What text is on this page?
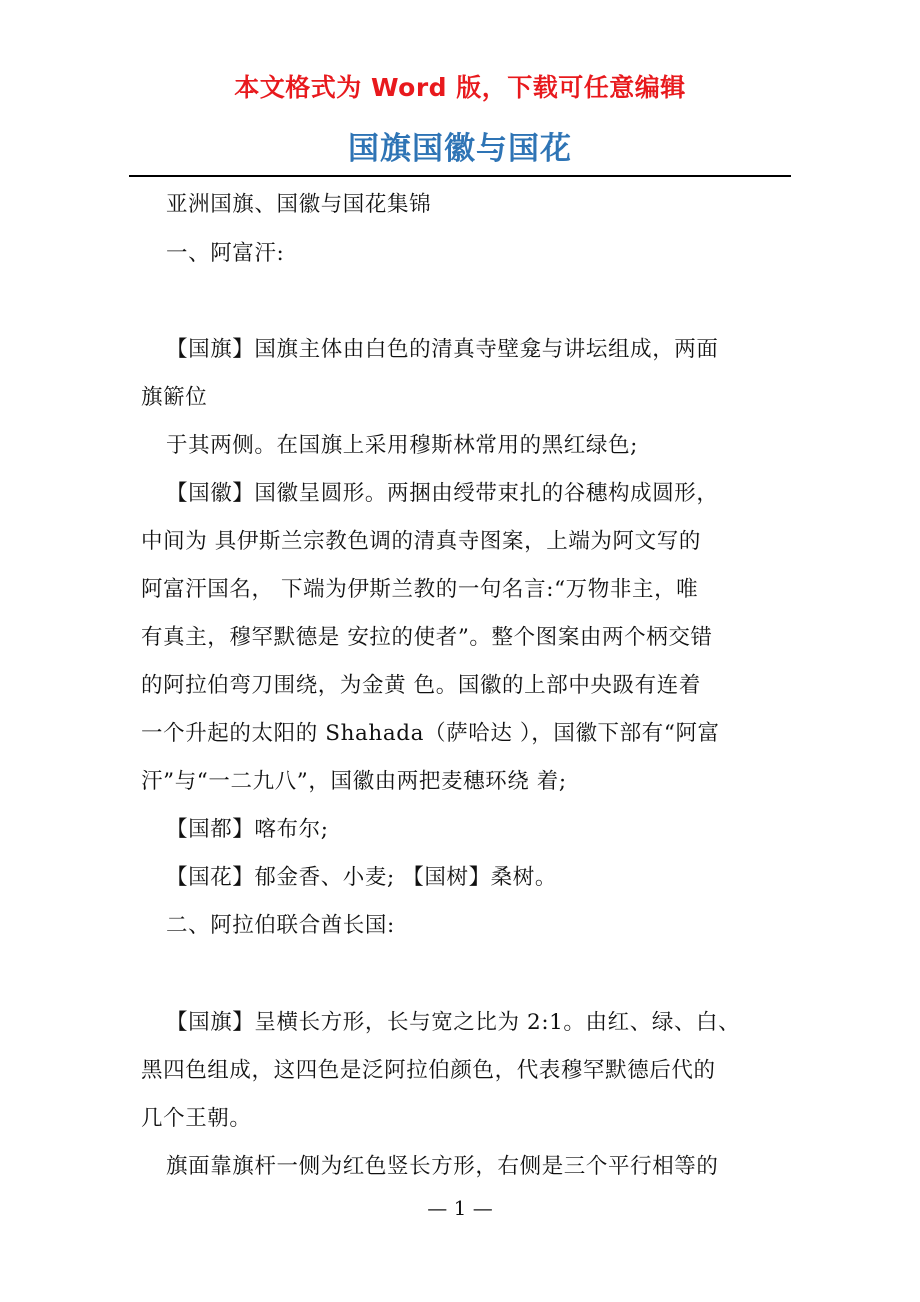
本文格式为 Word 版，下载可任意编辑
国旗国徽与国花
亚洲国旗、国徽与国花集锦
一、阿富汗:
【国旗】国旗主体由白色的清真寺壁龛与讲坛组成，两面
旗簖位
于其两侧。在国旗上采用穆斯林常用的黑红绿色;
【国徽】国徽呈圆形。两捆由绶带束扎的谷穗构成圆形，
中间为 具伊斯兰宗教色调的清真寺图案，上端为阿文写的
阿富汗国名， 下端为伊斯兰教的一句名言:“万物非主，唯
有真主，穆罕默德是 安拉的使者”。整个图案由两个柄交错
的阿拉伯弯刀围绕，为金黄 色。国徽的上部中央趿有连着
一个升起的太阳的 Shahada（萨哈达 ），国徽下部有“阿富
汗”与“一二九八”，国徽由两把麦穗环绕 着;
【国都】喀布尔;
【国花】郁金香、小麦; 【国树】桑树。
二、阿拉伯联合酋长国:
【国旗】呈横长方形，长与宽之比为 2:1。由红、绿、白、
黑四色组成，这四色是泛阿拉伯颜色，代表穆罕默德后代的
几个王朝。
旗面靠旗杆一侧为红色竖长方形，右侧是三个平行相等的
— 1 —
